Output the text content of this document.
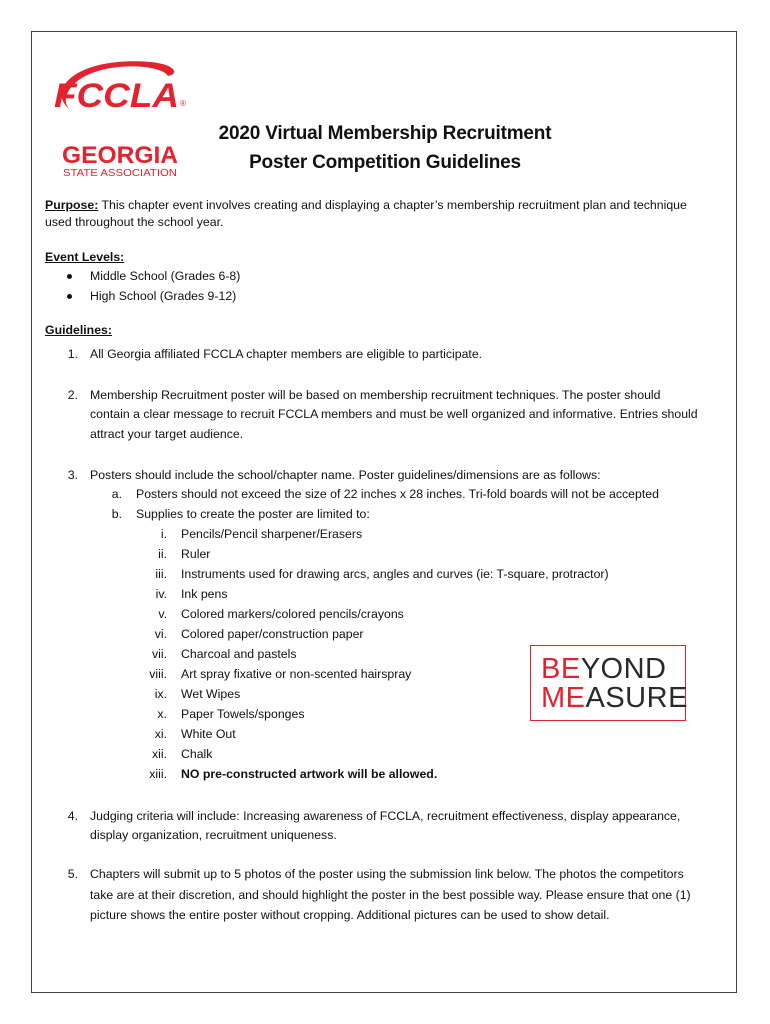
FCCLA ®
GEORGIA
STATE ASSOCIATION
2020 Virtual Membership Recruitment
Poster Competition Guidelines
Purpose: This chapter event involves creating and displaying a chapter’s membership recruitment plan and technique
used throughout the school year.
Event Levels:
Middle School (Grades 6-8)
High School (Grades 9-12)
Guidelines:
1. All Georgia affiliated FCCLA chapter members are eligible to participate.
2. Membership Recruitment poster will be based on membership recruitment techniques. The poster should
contain a clear message to recruit FCCLA members and must be well organized and informative. Entries should
attract your target audience.
3. Posters should include the school/chapter name. Poster guidelines/dimensions are as follows:
a. Posters should not exceed the size of 22 inches x 28 inches. Tri-fold boards will not be accepted
b. Supplies to create the poster are limited to:
i. Pencils/Pencil sharpener/Erasers
ii. Ruler
iii. Instruments used for drawing arcs, angles and curves (ie: T-square, protractor)
iv. Ink pens
v. Colored markers/colored pencils/crayons
vi. Colored paper/construction paper
vii. Charcoal and pastels
viii. Art spray fixative or non-scented hairspray
ix. Wet Wipes
x. Paper Towels/sponges
xi. White Out
xii. Chalk
xiii. NO pre-constructed artwork will be allowed.
4. Judging criteria will include: Increasing awareness of FCCLA, recruitment effectiveness, display appearance,
display organization, recruitment uniqueness.
5. Chapters will submit up to 5 photos of the poster using the submission link below. The photos the competitors
take are at their discretion, and should highlight the poster in the best possible way. Please ensure that one (1)
picture shows the entire poster without cropping. Additional pictures can be used to show detail.
BEYOND
MEASURE
